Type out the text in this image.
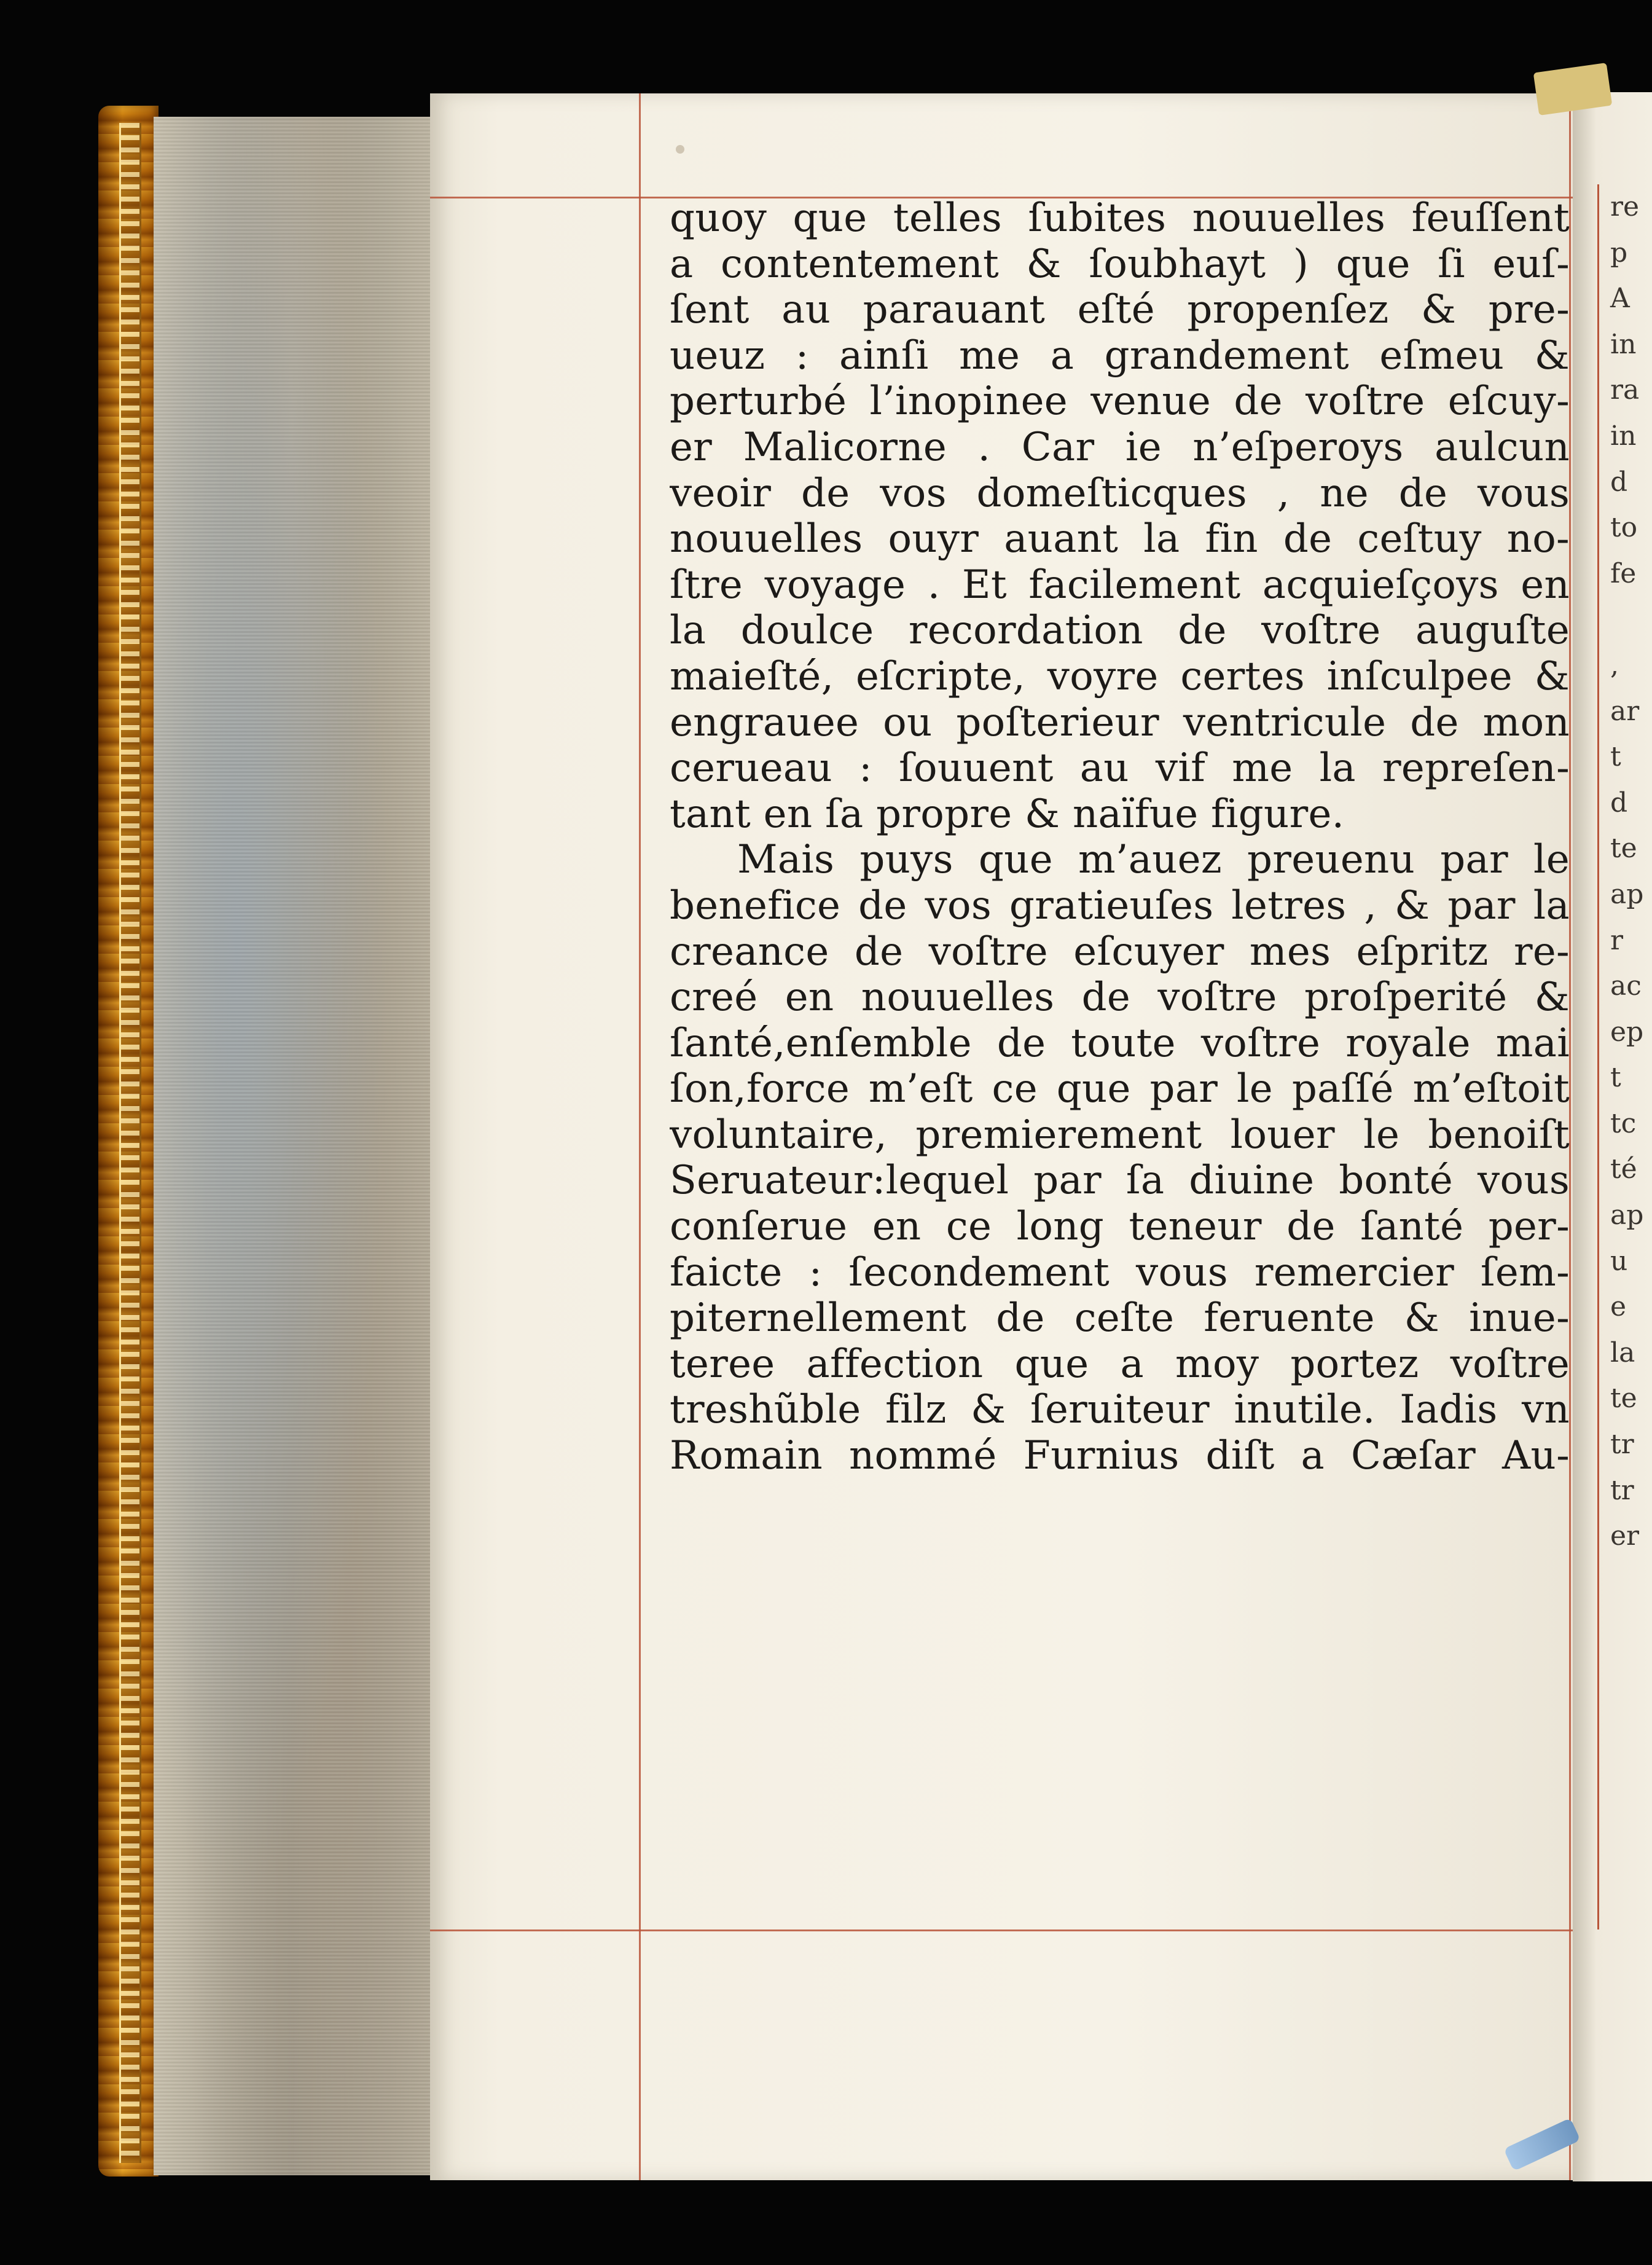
re
p
A
in
ra
in
d
to
fe

,
ar
t
d
te
ap
r
ac
ep
t
tc
té
ap
u
e
la
te
tr
tr
er
quoy que telles ſubites nouuelles feuſſent
a contentement & ſoubhayt ) que ſi euſ-
ſent au parauant eſté propenſez & pre-
ueuz : ainſi me a grandement eſmeu &
perturbé l’inopinee venue de voſtre eſcuy-
er Malicorne . Car ie n’eſperoys aulcun
veoir de vos domeſticques , ne de vous
nouuelles ouyr auant la fin de ceſtuy no-
ſtre voyage . Et facilement acquieſçoys en
la doulce recordation de voſtre auguſte
maieſté, eſcripte, voyre certes inſculpee &
engrauee ou poſterieur ventricule de mon
cerueau : ſouuent au vif me la repreſen-
tant en ſa propre & naïfue figure.
Mais puys que m’auez preuenu par le
benefice de vos gratieuſes letres , & par la
creance de voſtre eſcuyer mes eſpritz re-
creé en nouuelles de voſtre proſperité &
ſanté,enſemble de toute voſtre royale mai
ſon,force m’eſt ce que par le paſſé m’eſtoit
voluntaire, premierement louer le benoiſt
Seruateur:lequel par ſa diuine bonté vous
conſerue en ce long teneur de ſanté per-
faicte : ſecondement vous remercier ſem-
piternellement de ceſte feruente & inue-
teree affection que a moy portez voſtre
treshũble filz & ſeruiteur inutile. Iadis vn
Romain nommé Furnius diſt a Cæſar Au-
